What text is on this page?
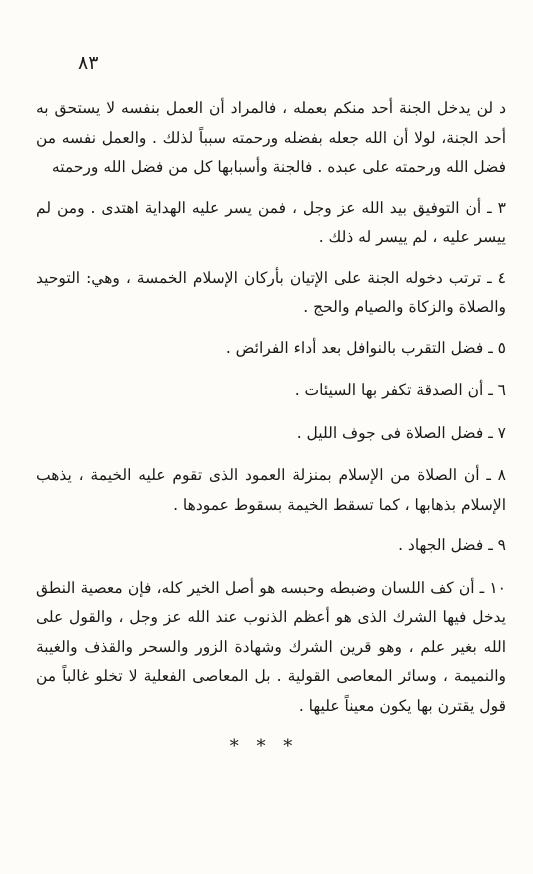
٨٣

د لن يدخل الجنة أحد منكم بعمله ، فالمراد أن العمل بنفسه لا يستحق به أحد الجنة، لولا أن الله جعله بفضله ورحمته سبباً لذلك . والعمل نفسه من فضل الله ورحمته على عبده . فالجنة وأسبابها كل من فضل الله ورحمته

٣ ـ أن التوفيق بيد الله عز وجل ، فمن يسر عليه الهداية اهتدى . ومن لم ييسر عليه ، لم ييسر له ذلك .

٤ ـ ترتب دخوله الجنة على الإتيان بأركان الإسلام الخمسة ، وهي: التوحيد والصلاة والزكاة والصيام والحج .

٥ ـ فضل التقرب بالنوافل بعد أداء الفرائض .

٦ ـ أن الصدقة تكفر بها السيئات .

٧ ـ فضل الصلاة فى جوف الليل .

٨ ـ أن الصلاة من الإسلام بمنزلة العمود الذى تقوم عليه الخيمة ، يذهب الإسلام بذهابها ، كما تسقط الخيمة بسقوط عمودها .

٩ ـ فضل الجهاد .

١٠ ـ أن كف اللسان وضبطه وحبسه هو أصل الخير كله، فإن معصية النطق يدخل فيها الشرك الذى هو أعظم الذنوب عند الله عز وجل ، والقول على الله بغير علم ، وهو قرين الشرك وشهادة الزور والسحر والقذف والغيبة والنميمة ، وسائر المعاصى القولية . بل المعاصى الفعلية لا تخلو غالباً من قول يقترن بها يكون معيناً عليها .

* * *
